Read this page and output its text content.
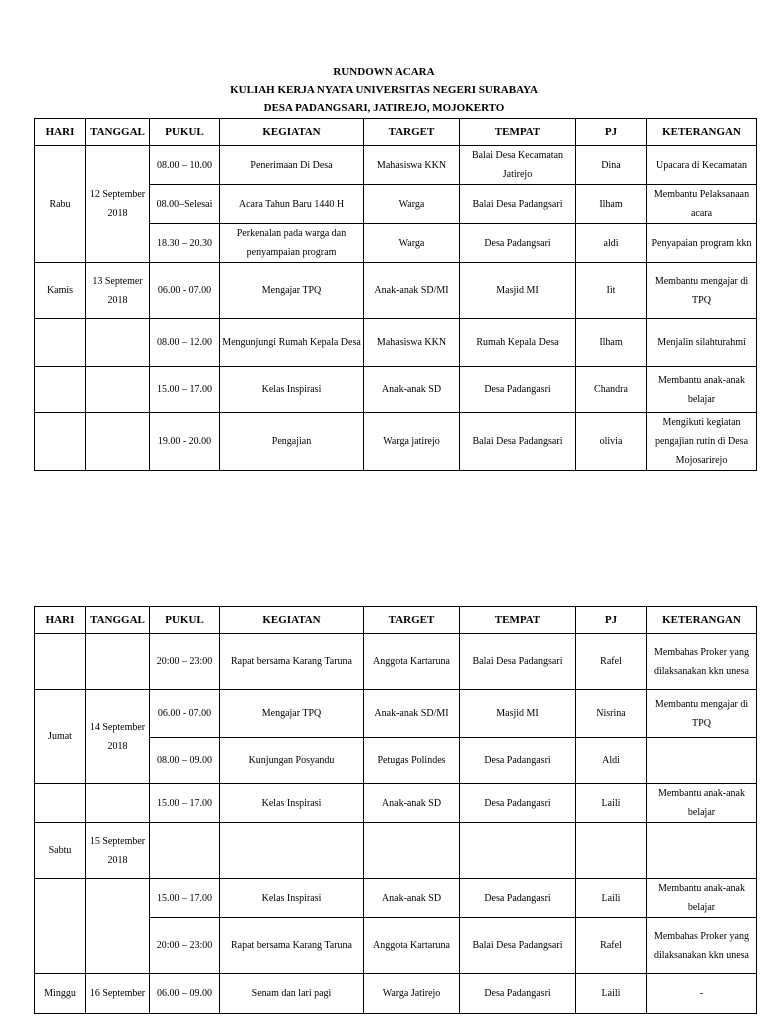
RUNDOWN ACARA
KULIAH KERJA NYATA UNIVERSITAS NEGERI SURABAYA
DESA PADANGSARI, JATIREJO, MOJOKERTO
HARI	TANGGAL	PUKUL	KEGIATAN	TARGET	TEMPAT	PJ	KETERANGAN
Rabu	12 September 2018	08.00 – 10.00	Penerimaan Di Desa	Mahasiswa KKN	Balai Desa Kecamatan Jatirejo	Dina	Upacara di Kecamatan
		08.00–Selesai	Acara Tahun Baru 1440 H	Warga	Balai Desa Padangsari	Ilham	Membantu Pelaksanaan acara
		18.30 – 20.30	Perkenalan pada warga dan penyampaian program	Warga	Desa Padangsari	aldi	Penyapaian program kkn
Kamis	13 Septemer 2018	06.00 - 07.00	Mengajar TPQ	Anak-anak SD/MI	Masjid MI	Iit	Membantu mengajar di TPQ
		08.00 – 12.00	Mengunjungi Rumah Kepala Desa	Mahasiswa KKN	Rumah Kepala Desa	Ilham	Menjalin silahturahmi
		15.00 – 17.00	Kelas Inspirasi	Anak-anak SD	Desa Padangasri	Chandra	Membantu anak-anak belajar
		19.00 - 20.00	Pengajian	Warga jatirejo	Balai Desa Padangsari	olivia	Mengikuti kegiatan pengajian rutin di Desa Mojosarirejo
HARI	TANGGAL	PUKUL	KEGIATAN	TARGET	TEMPAT	PJ	KETERANGAN
		20:00 – 23:00	Rapat bersama Karang Taruna	Anggota Kartaruna	Balai Desa Padangsari	Rafel	Membahas Proker yang dilaksanakan kkn unesa
Jumat	14 September 2018	06.00 - 07.00	Mengajar TPQ	Anak-anak SD/MI	Masjid MI	Nisrina	Membantu mengajar di TPQ
		08.00 – 09.00	Kunjungan Posyandu	Petugas Polindes	Desa Padangasri	Aldi	
		15.00 – 17.00	Kelas Inspirasi	Anak-anak SD	Desa Padangasri	Laili	Membantu anak-anak belajar
Sabtu	15 September 2018						
		15.00 – 17.00	Kelas Inspirasi	Anak-anak SD	Desa Padangasri	Laili	Membantu anak-anak belajar
		20:00 – 23:00	Rapat bersama Karang Taruna	Anggota Kartaruna	Balai Desa Padangsari	Rafel	Membahas Proker yang dilaksanakan kkn unesa
Minggu	16 September	06.00 – 09.00	Senam dan lari pagi	Warga Jatirejo	Desa Padangasri	Laili	-
